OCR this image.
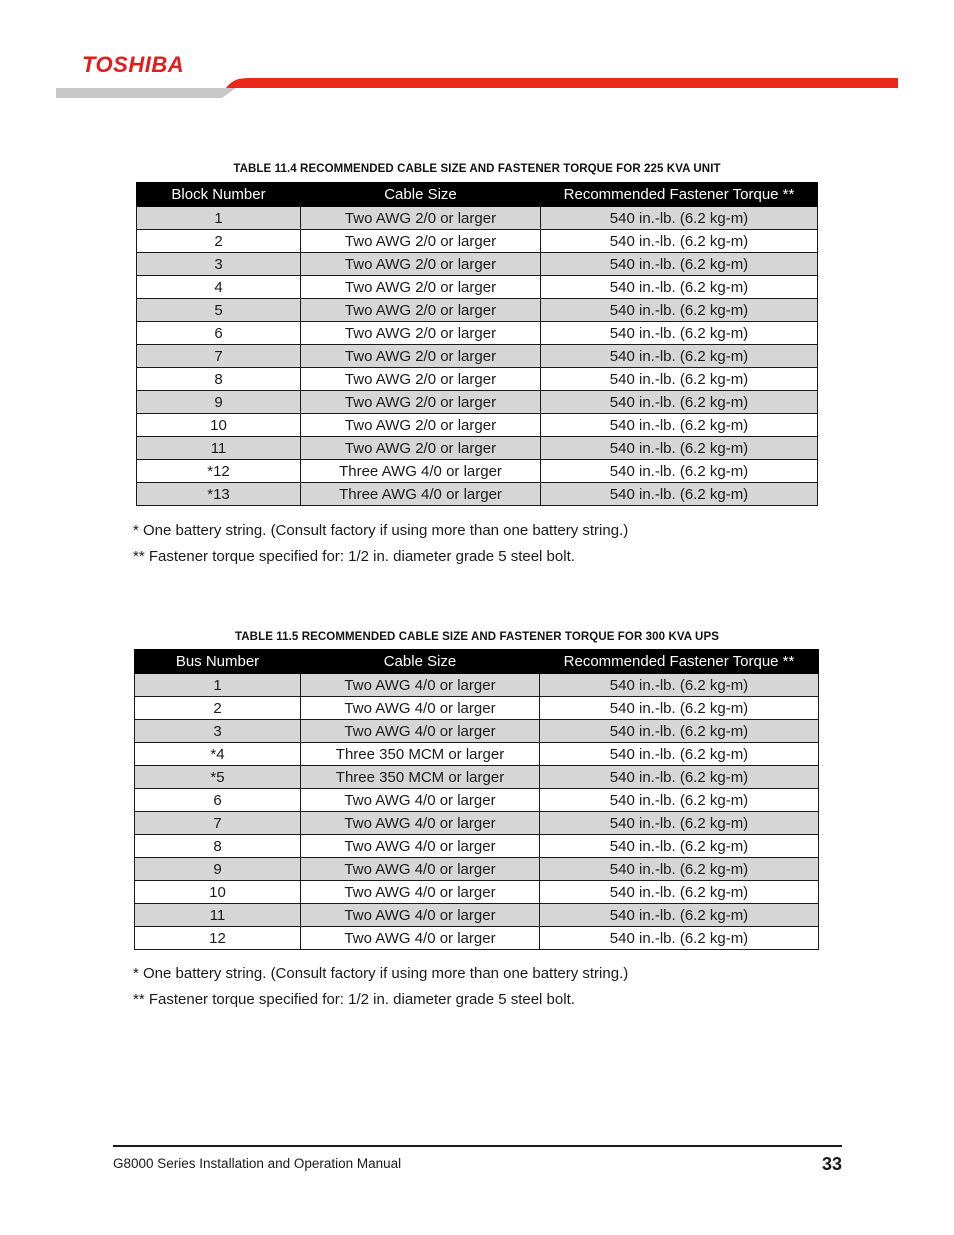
TOSHIBA
TABLE 11.4 RECOMMENDED CABLE SIZE AND FASTENER TORQUE FOR 225 KVA UNIT
Block Number	Cable Size	Recommended Fastener Torque **
1	Two AWG 2/0 or larger	540 in.-lb. (6.2 kg-m)
2	Two AWG 2/0 or larger	540 in.-lb. (6.2 kg-m)
3	Two AWG 2/0 or larger	540 in.-lb. (6.2 kg-m)
4	Two AWG 2/0 or larger	540 in.-lb. (6.2 kg-m)
5	Two AWG 2/0 or larger	540 in.-lb. (6.2 kg-m)
6	Two AWG 2/0 or larger	540 in.-lb. (6.2 kg-m)
7	Two AWG 2/0 or larger	540 in.-lb. (6.2 kg-m)
8	Two AWG 2/0 or larger	540 in.-lb. (6.2 kg-m)
9	Two AWG 2/0 or larger	540 in.-lb. (6.2 kg-m)
10	Two AWG 2/0 or larger	540 in.-lb. (6.2 kg-m)
11	Two AWG 2/0 or larger	540 in.-lb. (6.2 kg-m)
*12	Three AWG 4/0 or larger	540 in.-lb. (6.2 kg-m)
*13	Three AWG 4/0 or larger	540 in.-lb. (6.2 kg-m)
* One battery string. (Consult factory if using more than one battery string.)
** Fastener torque specified for: 1/2 in. diameter grade 5 steel bolt.
TABLE 11.5 RECOMMENDED CABLE SIZE AND FASTENER TORQUE FOR 300 KVA UPS
Bus Number	Cable Size	Recommended Fastener Torque **
1	Two AWG 4/0 or larger	540 in.-lb. (6.2 kg-m)
2	Two AWG 4/0 or larger	540 in.-lb. (6.2 kg-m)
3	Two AWG 4/0 or larger	540 in.-lb. (6.2 kg-m)
*4	Three 350 MCM or larger	540 in.-lb. (6.2 kg-m)
*5	Three 350 MCM or larger	540 in.-lb. (6.2 kg-m)
6	Two AWG 4/0 or larger	540 in.-lb. (6.2 kg-m)
7	Two AWG 4/0 or larger	540 in.-lb. (6.2 kg-m)
8	Two AWG 4/0 or larger	540 in.-lb. (6.2 kg-m)
9	Two AWG 4/0 or larger	540 in.-lb. (6.2 kg-m)
10	Two AWG 4/0 or larger	540 in.-lb. (6.2 kg-m)
11	Two AWG 4/0 or larger	540 in.-lb. (6.2 kg-m)
12	Two AWG 4/0 or larger	540 in.-lb. (6.2 kg-m)
* One battery string. (Consult factory if using more than one battery string.)
** Fastener torque specified for: 1/2 in. diameter grade 5 steel bolt.
G8000 Series Installation and Operation Manual	33
